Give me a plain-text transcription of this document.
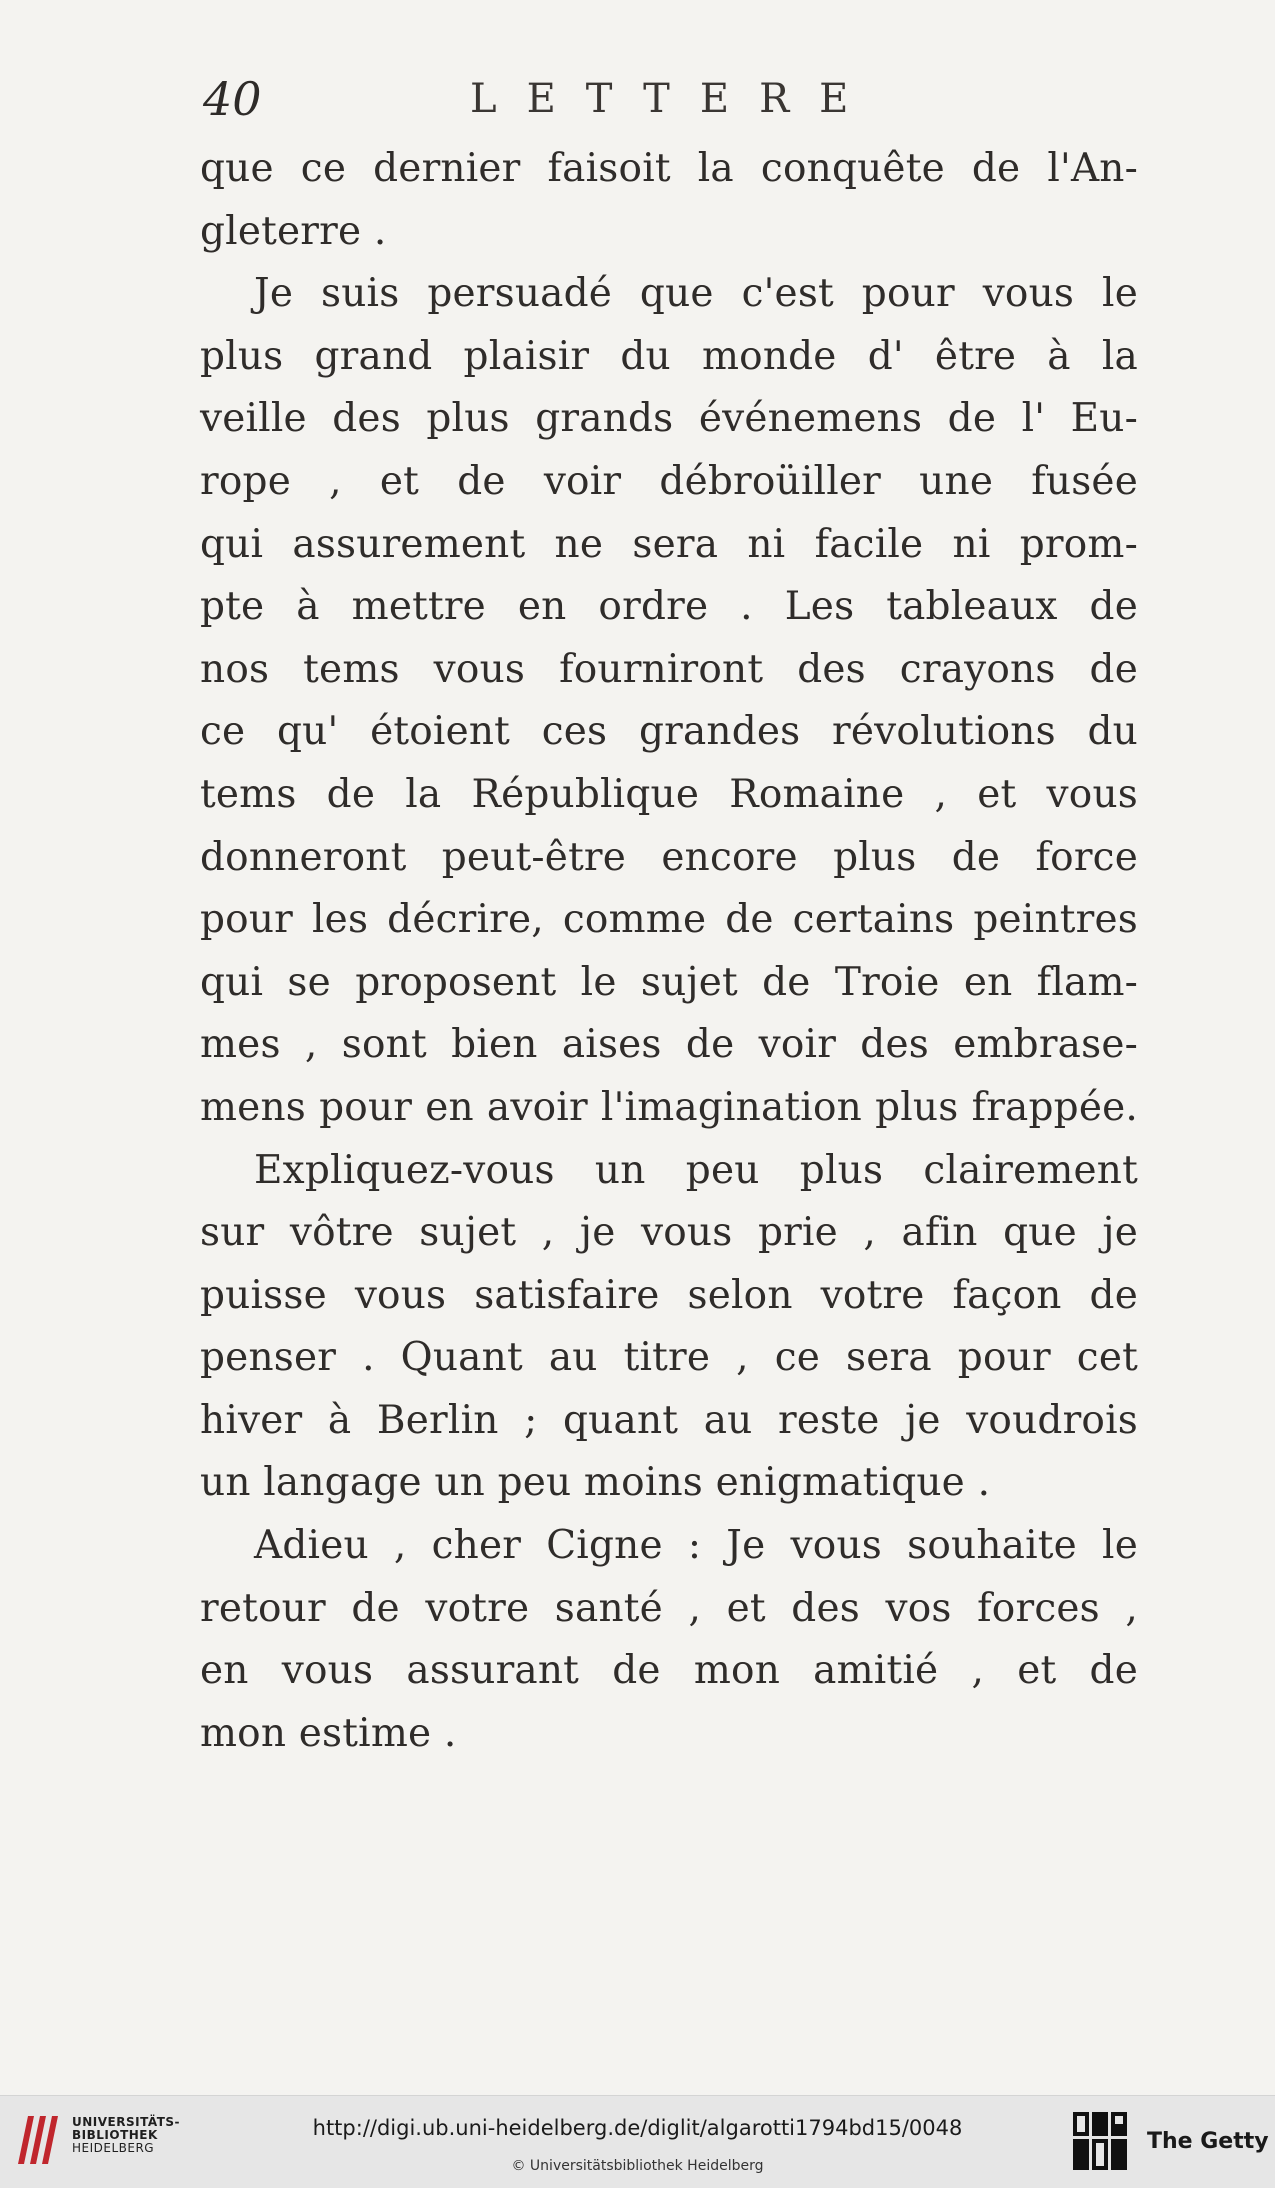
40	LETTERE
que ce dernier faisoit la conquête de l'An-
gleterre .
Je suis persuadé que c'est pour vous le
plus grand plaisir du monde d' être à la
veille des plus grands événemens de l' Eu-
rope , et de voir débroüiller une fusée
qui assurement ne sera ni facile ni prom-
pte à mettre en ordre . Les tableaux de
nos tems vous fourniront des crayons de
ce qu' étoient ces grandes révolutions du
tems de la République Romaine , et vous
donneront peut-être encore plus de force
pour les décrire, comme de certains peintres
qui se proposent le sujet de Troie en flam-
mes , sont bien aises de voir des embrase-
mens pour en avoir l'imagination plus frappée.
Expliquez-vous un peu plus clairement
sur vôtre sujet , je vous prie , afin que je
puisse vous satisfaire selon votre façon de
penser . Quant au titre , ce sera pour cet
hiver à Berlin ; quant au reste je voudrois
un langage un peu moins enigmatique .
Adieu , cher Cigne : Je vous souhaite le
retour de votre santé , et des vos forces ,
en vous assurant de mon amitié , et de
mon estime .
UNIVERSITÄTS-
BIBLIOTHEK
HEIDELBERG
http://digi.ub.uni-heidelberg.de/diglit/algarotti1794bd15/0048
© Universitätsbibliothek Heidelberg
The Getty
